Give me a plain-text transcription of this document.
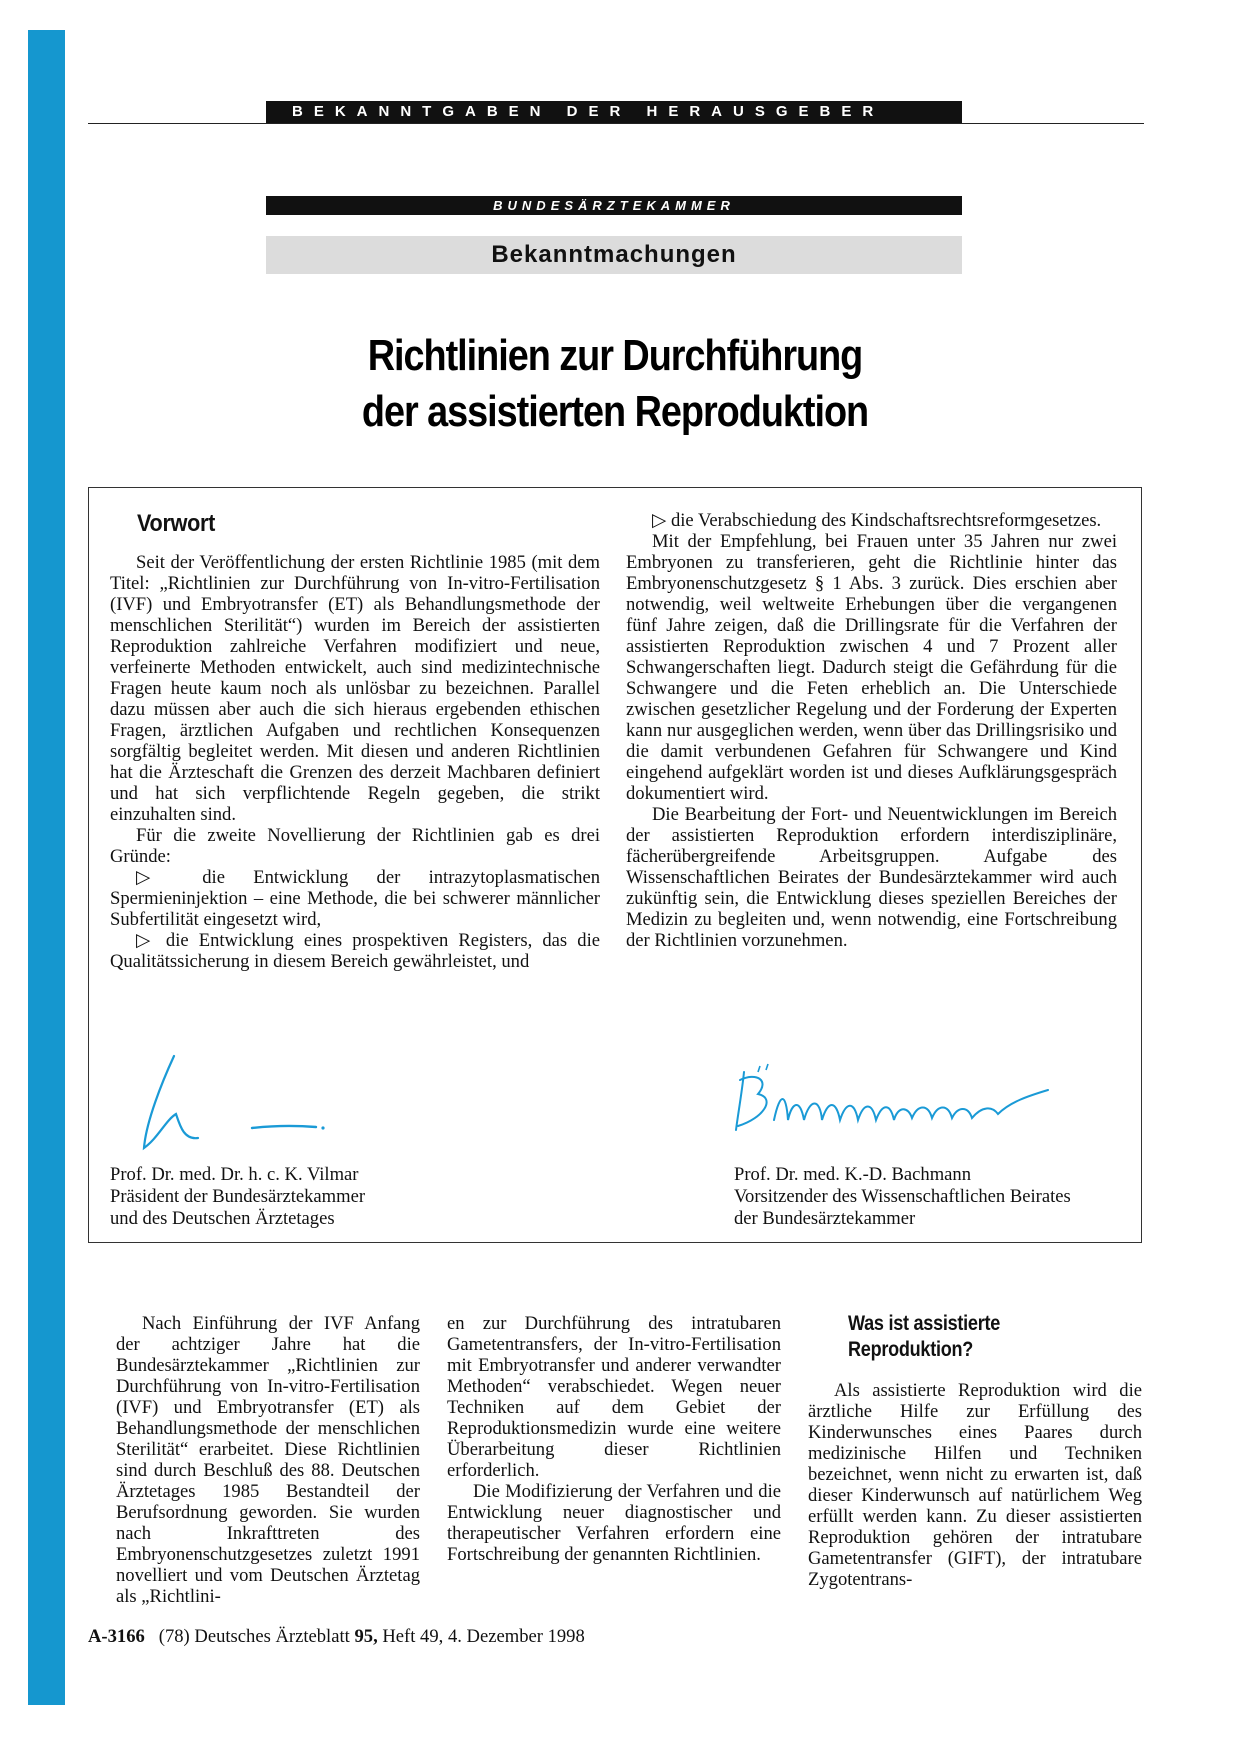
BEKANNTGABEN DER HERAUSGEBER
BUNDESÄRZTEKAMMER
Bekanntmachungen
Richtlinien zur Durchführung
der assistierten Reproduktion
Vorwort

Seit der Veröffentlichung der ersten Richtlinie 1985 (mit dem Titel: „Richtlinien zur Durchführung von In-vitro-Fertilisation (IVF) und Embryotransfer (ET) als Behandlungsmethode der menschlichen Sterilität“) wurden im Bereich der assistierten Reproduktion zahlreiche Verfahren modifiziert und neue, verfeinerte Methoden entwickelt, auch sind medizintechnische Fragen heute kaum noch als unlösbar zu bezeichnen. Parallel dazu müssen aber auch die sich hieraus ergebenden ethischen Fragen, ärztlichen Aufgaben und rechtlichen Konsequenzen sorgfältig begleitet werden. Mit diesen und anderen Richtlinien hat die Ärzteschaft die Grenzen des derzeit Machbaren definiert und hat sich verpflichtende Regeln gegeben, die strikt einzuhalten sind.

Für die zweite Novellierung der Richtlinien gab es drei Gründe:

▷ die Entwicklung der intrazytoplasmatischen Spermieninjektion – eine Methode, die bei schwerer männlicher Subfertilität eingesetzt wird,

▷ die Entwicklung eines prospektiven Registers, das die Qualitätssicherung in diesem Bereich gewährleistet, und

▷ die Verabschiedung des Kindschaftsrechtsreformgesetzes.

Mit der Empfehlung, bei Frauen unter 35 Jahren nur zwei Embryonen zu transferieren, geht die Richtlinie hinter das Embryonenschutzgesetz § 1 Abs. 3 zurück. Dies erschien aber notwendig, weil weltweite Erhebungen über die vergangenen fünf Jahre zeigen, daß die Drillingsrate für die Verfahren der assistierten Reproduktion zwischen 4 und 7 Prozent aller Schwangerschaften liegt. Dadurch steigt die Gefährdung für die Schwangere und die Feten erheblich an. Die Unterschiede zwischen gesetzlicher Regelung und der Forderung der Experten kann nur ausgeglichen werden, wenn über das Drillingsrisiko und die damit verbundenen Gefahren für Schwangere und Kind eingehend aufgeklärt worden ist und dieses Aufklärungsgespräch dokumentiert wird.

Die Bearbeitung der Fort- und Neuentwicklungen im Bereich der assistierten Reproduktion erfordern interdisziplinäre, fächerübergreifende Arbeitsgruppen. Aufgabe des Wissenschaftlichen Beirates der Bundesärztekammer wird auch zukünftig sein, die Entwicklung dieses speziellen Bereiches der Medizin zu begleiten und, wenn notwendig, eine Fortschreibung der Richtlinien vorzunehmen.

Prof. Dr. med. Dr. h. c. K. Vilmar
Präsident der Bundesärztekammer
und des Deutschen Ärztetages
Prof. Dr. med. K.-D. Bachmann
Vorsitzender des Wissenschaftlichen Beirates
der Bundesärztekammer

Nach Einführung der IVF Anfang der achtziger Jahre hat die Bundesärztekammer „Richtlinien zur Durchführung von In-vitro-Fertilisation (IVF) und Embryotransfer (ET) als Behandlungsmethode der menschlichen Sterilität“ erarbeitet. Diese Richtlinien sind durch Beschluß des 88. Deutschen Ärztetages 1985 Bestandteil der Berufsordnung geworden. Sie wurden nach Inkrafttreten des Embryonenschutzgesetzes zuletzt 1991 novelliert und vom Deutschen Ärztetag als „Richtlini-

en zur Durchführung des intratubaren Gametentransfers, der In-vitro-Fertilisation mit Embryotransfer und anderer verwandter Methoden“ verabschiedet. Wegen neuer Techniken auf dem Gebiet der Reproduktionsmedizin wurde eine weitere Überarbeitung dieser Richtlinien erforderlich.

Die Modifizierung der Verfahren und die Entwicklung neuer diagnostischer und therapeutischer Verfahren erfordern eine Fortschreibung der genannten Richtlinien.

Was ist assistierte
Reproduktion?

Als assistierte Reproduktion wird die ärztliche Hilfe zur Erfüllung des Kinderwunsches eines Paares durch medizinische Hilfen und Techniken bezeichnet, wenn nicht zu erwarten ist, daß dieser Kinderwunsch auf natürlichem Weg erfüllt werden kann. Zu dieser assistierten Reproduktion gehören der intratubare Gametentransfer (GIFT), der intratubare Zygotentrans-

A-3166 (78) Deutsches Ärzteblatt 95, Heft 49, 4. Dezember 1998
